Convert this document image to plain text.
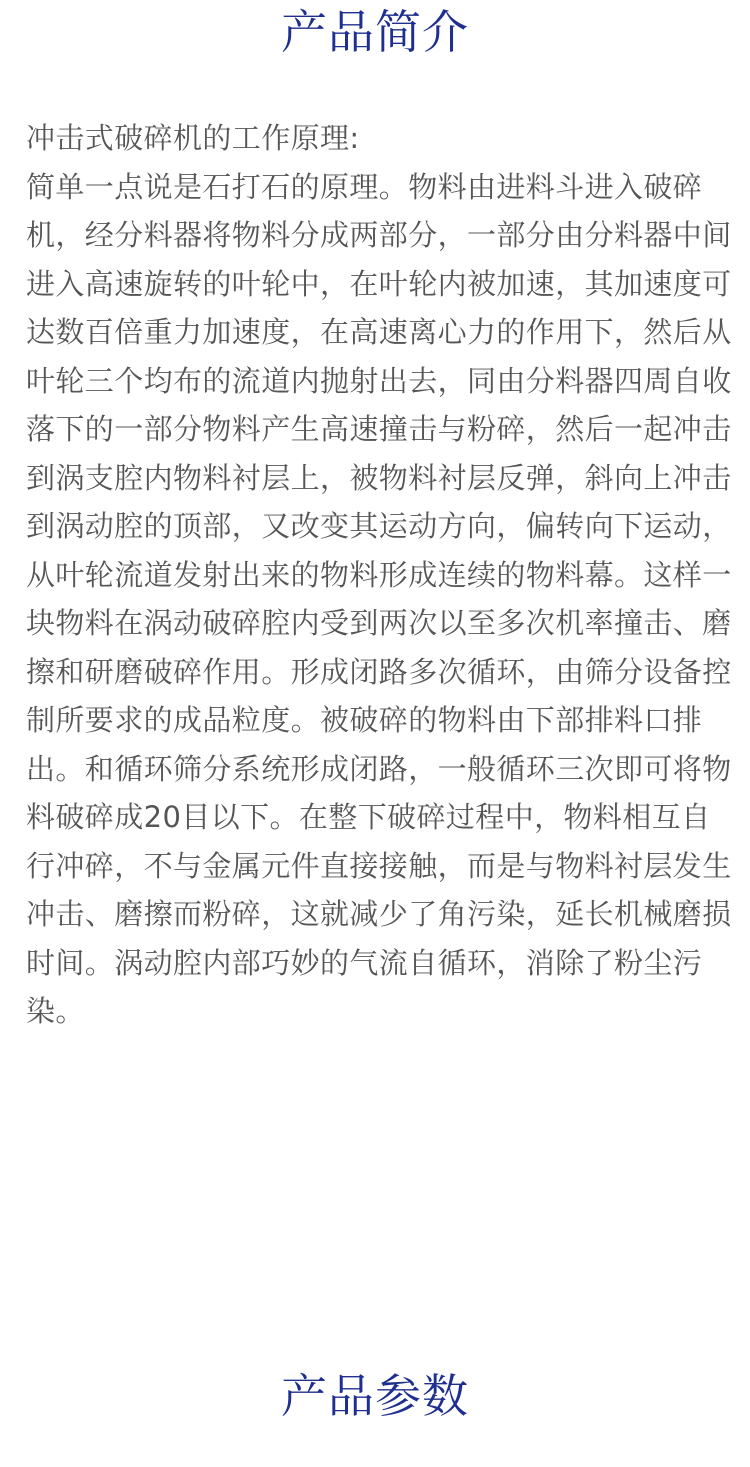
产品简介

冲击式破碎机的工作原理:

简单一点说是石打石的原理。物料由进料斗进入破碎机，经分料器将物料分成两部分，一部分由分料器中间进入高速旋转的叶轮中，在叶轮内被加速，其加速度可达数百倍重力加速度，在高速离心力的作用下，然后从叶轮三个均布的流道内抛射出去，同由分料器四周自收落下的一部分物料产生高速撞击与粉碎，然后一起冲击到涡支腔内物料衬层上，被物料衬层反弹，斜向上冲击到涡动腔的顶部，又改变其运动方向，偏转向下运动，从叶轮流道发射出来的物料形成连续的物料幕。这样一块物料在涡动破碎腔内受到两次以至多次机率撞击、磨擦和研磨破碎作用。形成闭路多次循环，由筛分设备控制所要求的成品粒度。被破碎的物料由下部排料口排出。和循环筛分系统形成闭路，一般循环三次即可将物料破碎成20目以下。在整下破碎过程中，物料相互自行冲碎，不与金属元件直接接触，而是与物料衬层发生冲击、磨擦而粉碎，这就减少了角污染，延长机械磨损时间。涡动腔内部巧妙的气流自循环，消除了粉尘污染。

产品参数
